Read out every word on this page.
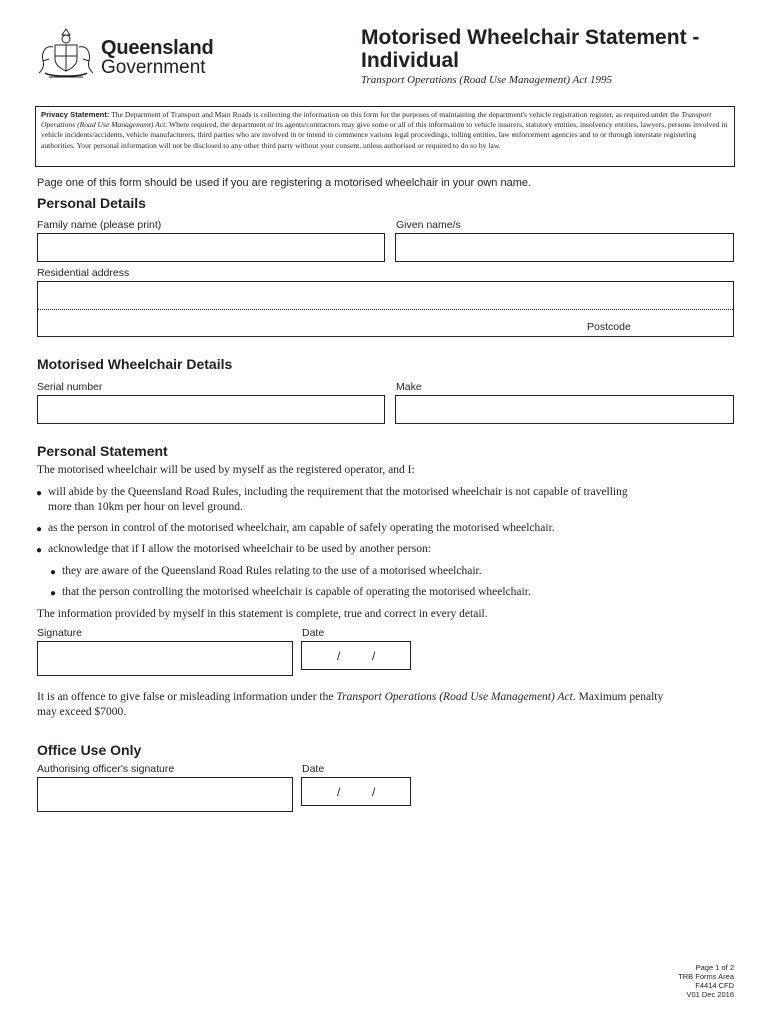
Queensland
Government
Motorised Wheelchair Statement -
Individual
Transport Operations (Road Use Management) Act 1995
Privacy Statement: The Department of Transport and Main Roads is collecting the information on this form for the purposes of maintaining the department's vehicle registration register, as required under the Transport Operations (Road Use Management) Act. Where required, the department or its agents/contractors may give some or all of this information to vehicle insurers, statutory entities, insolvency entities, lawyers, persons involved in vehicle incidents/accidents, vehicle manufacturers, third parties who are involved in or intend to commence various legal proceedings, tolling entities, law enforcement agencies and to or through interstate registering authorities. Your personal information will not be disclosed to any other third party without your consent, unless authorised or required to do so by law.
Page one of this form should be used if you are registering a motorised wheelchair in your own name.
Personal Details
Family name (please print)	Given name/s
Residential address
Postcode
Motorised Wheelchair Details
Serial number	Make
Personal Statement
The motorised wheelchair will be used by myself as the registered operator, and I:
● will abide by the Queensland Road Rules, including the requirement that the motorised wheelchair is not capable of travelling
more than 10km per hour on level ground.
● as the person in control of the motorised wheelchair, am capable of safely operating the motorised wheelchair.
● acknowledge that if I allow the motorised wheelchair to be used by another person:
● they are aware of the Queensland Road Rules relating to the use of a motorised wheelchair.
● that the person controlling the motorised wheelchair is capable of operating the motorised wheelchair.
The information provided by myself in this statement is complete, true and correct in every detail.
Signature	Date
/	/
It is an offence to give false or misleading information under the Transport Operations (Road Use Management) Act. Maximum penalty
may exceed $7000.
Office Use Only
Authorising officer's signature	Date
/	/
Page 1 of 2
TRB Forms Area
F4414 CFD
V01 Dec 2016
